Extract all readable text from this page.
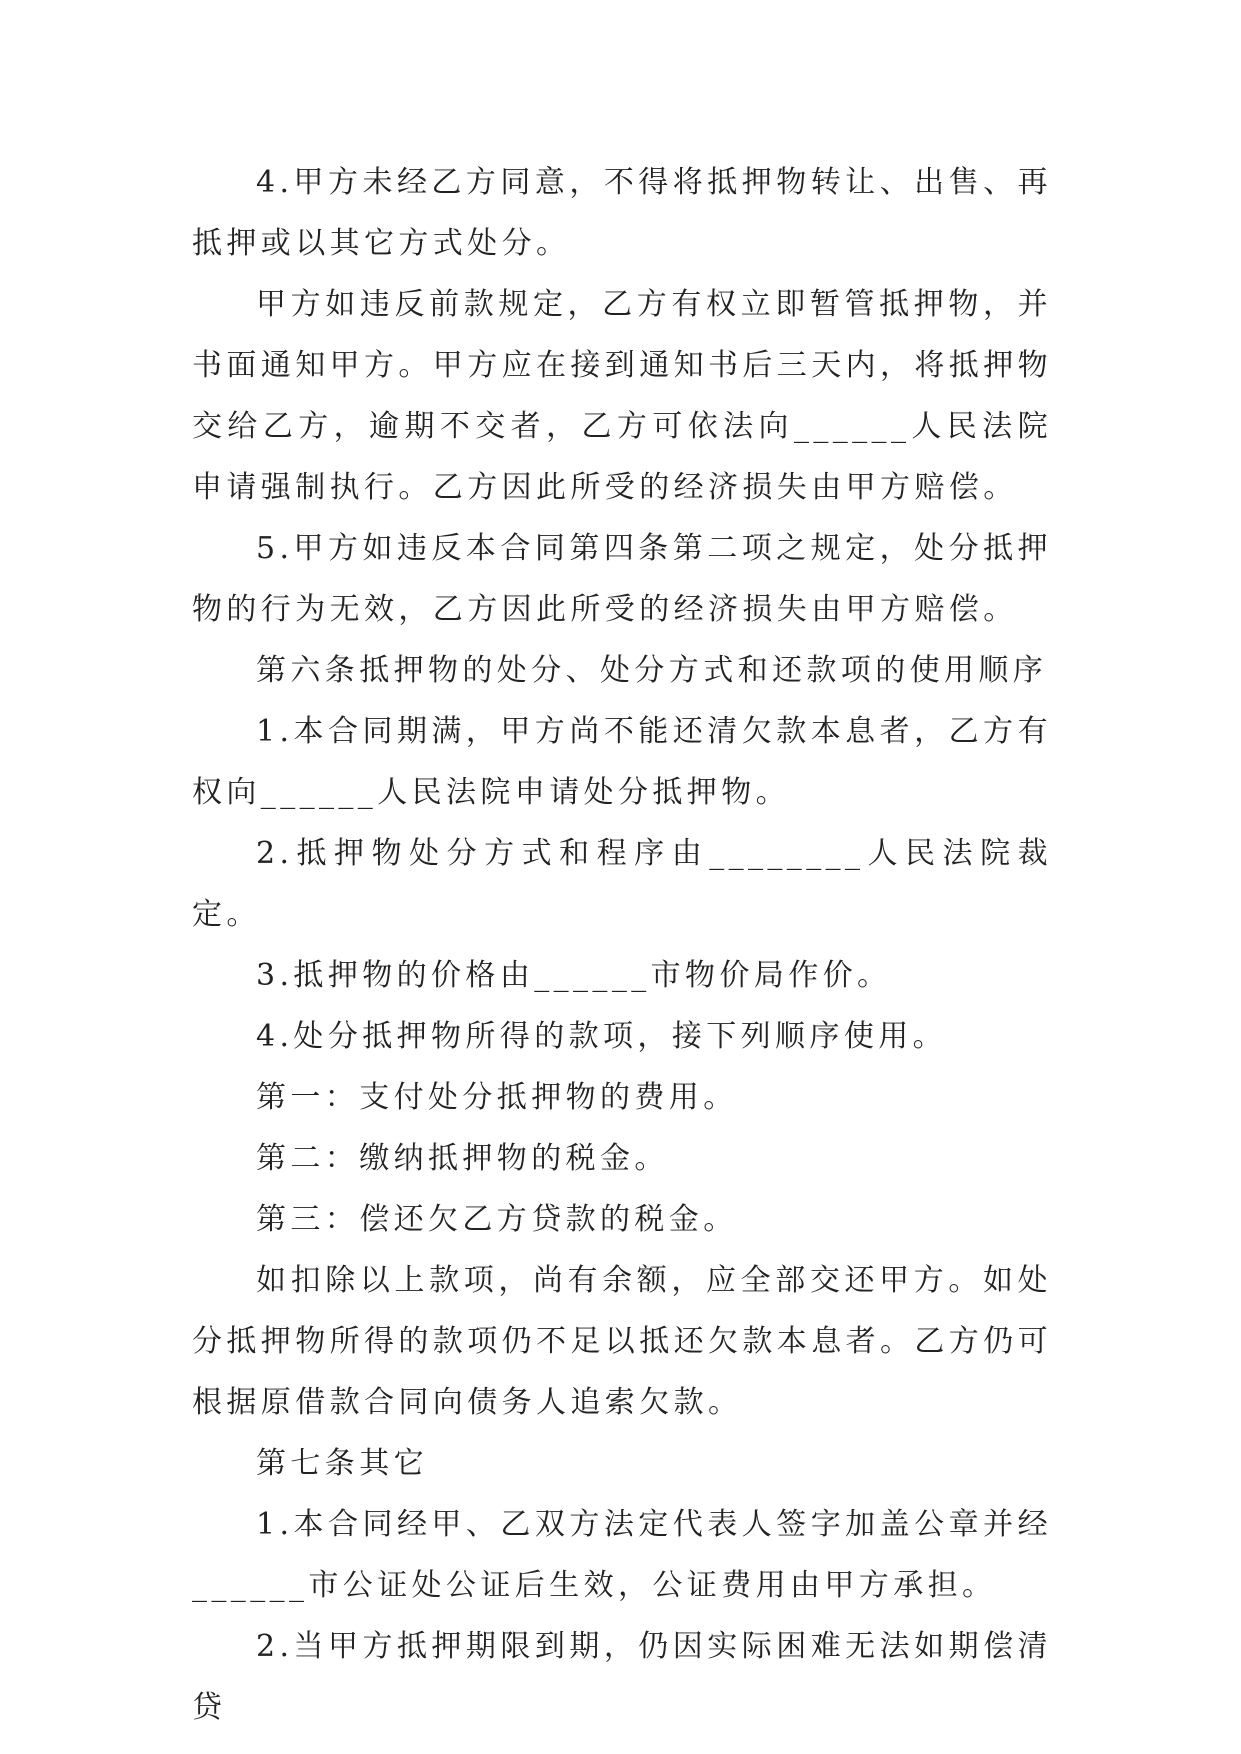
4.甲方未经乙方同意，不得将抵押物转让、出售、再抵押或以其它方式处分。

甲方如违反前款规定，乙方有权立即暂管抵押物，并书面通知甲方。甲方应在接到通知书后三天内，将抵押物交给乙方，逾期不交者，乙方可依法向______人民法院申请强制执行。乙方因此所受的经济损失由甲方赔偿。

5.甲方如违反本合同第四条第二项之规定，处分抵押物的行为无效，乙方因此所受的经济损失由甲方赔偿。

第六条抵押物的处分、处分方式和还款项的使用顺序

1.本合同期满，甲方尚不能还清欠款本息者，乙方有权向______人民法院申请处分抵押物。

2.抵押物处分方式和程序由________人民法院裁定。

3.抵押物的价格由______市物价局作价。

4.处分抵押物所得的款项，接下列顺序使用。

第一：支付处分抵押物的费用。

第二：缴纳抵押物的税金。

第三：偿还欠乙方贷款的税金。

如扣除以上款项，尚有余额，应全部交还甲方。如处分抵押物所得的款项仍不足以抵还欠款本息者。乙方仍可根据原借款合同向债务人追索欠款。

第七条其它

1.本合同经甲、乙双方法定代表人签字加盖公章并经______市公证处公证后生效，公证费用由甲方承担。

2.当甲方抵押期限到期，仍因实际困难无法如期偿清贷
